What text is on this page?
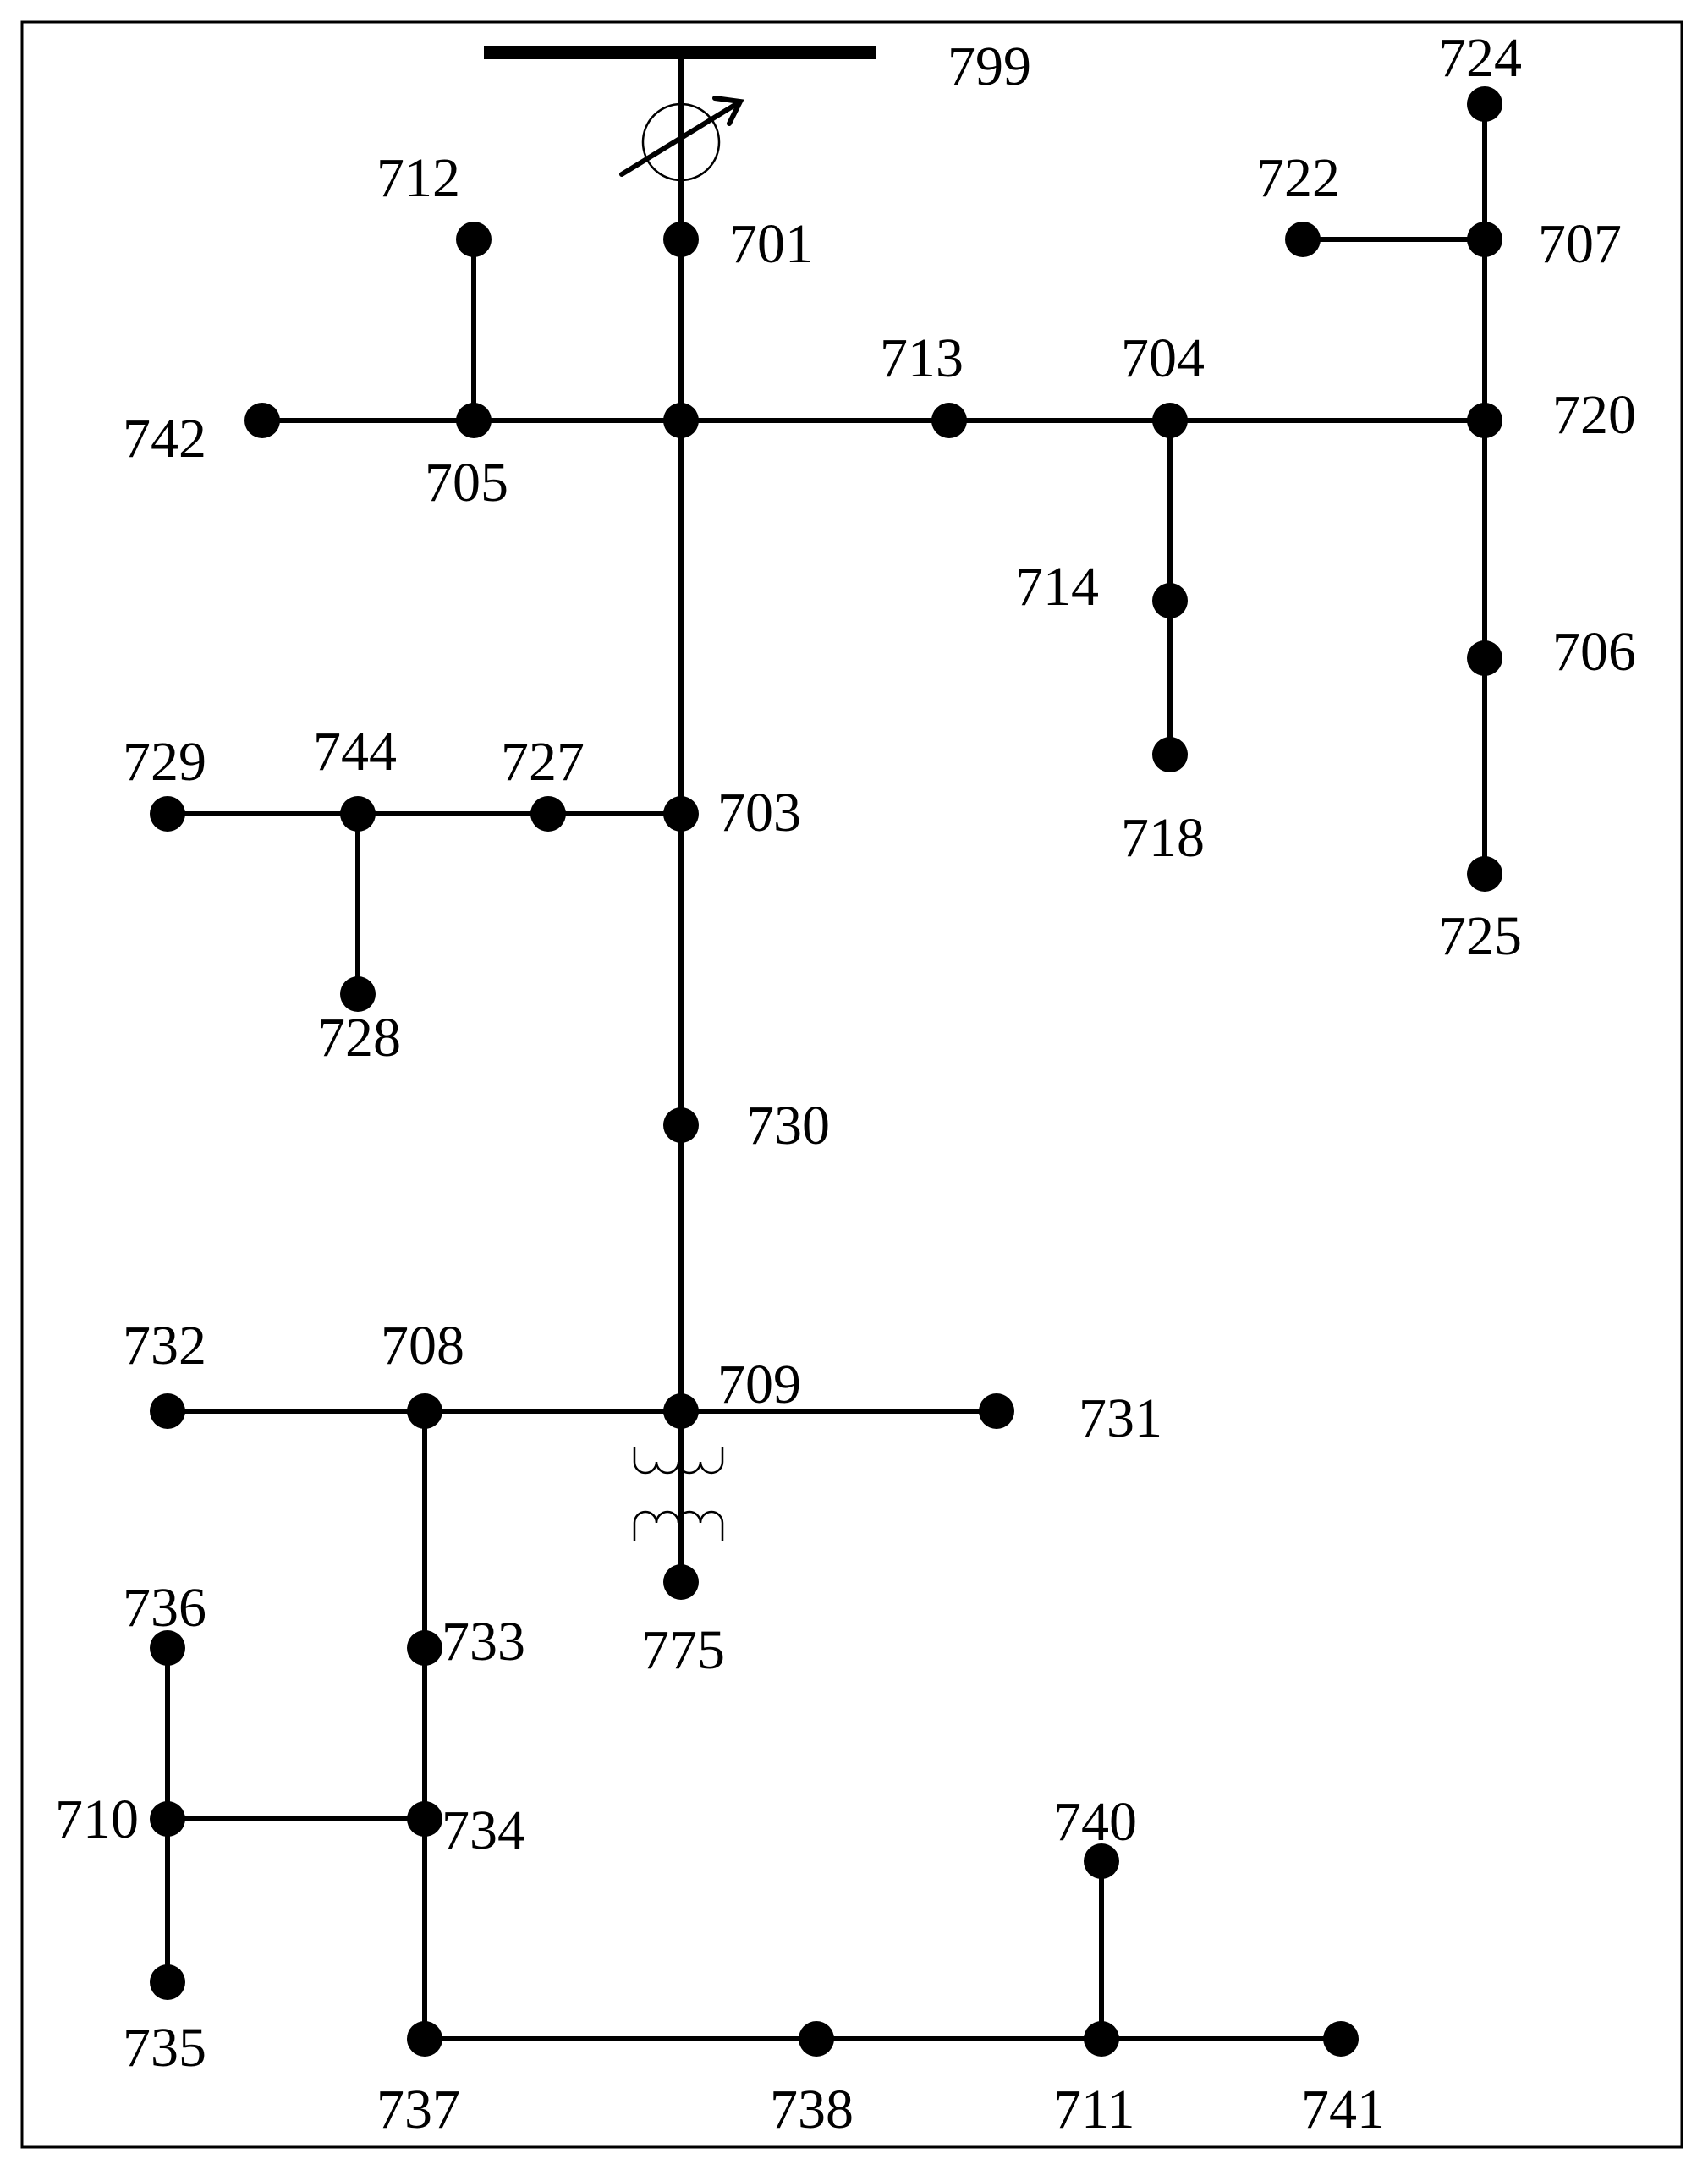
701
703
704
705
706
707
708
709
710
711
712
713
714
718
720
722
724
725
727
728
729
730
731
732
733
734
735
736
737	738
740
741
742
744
775
799
